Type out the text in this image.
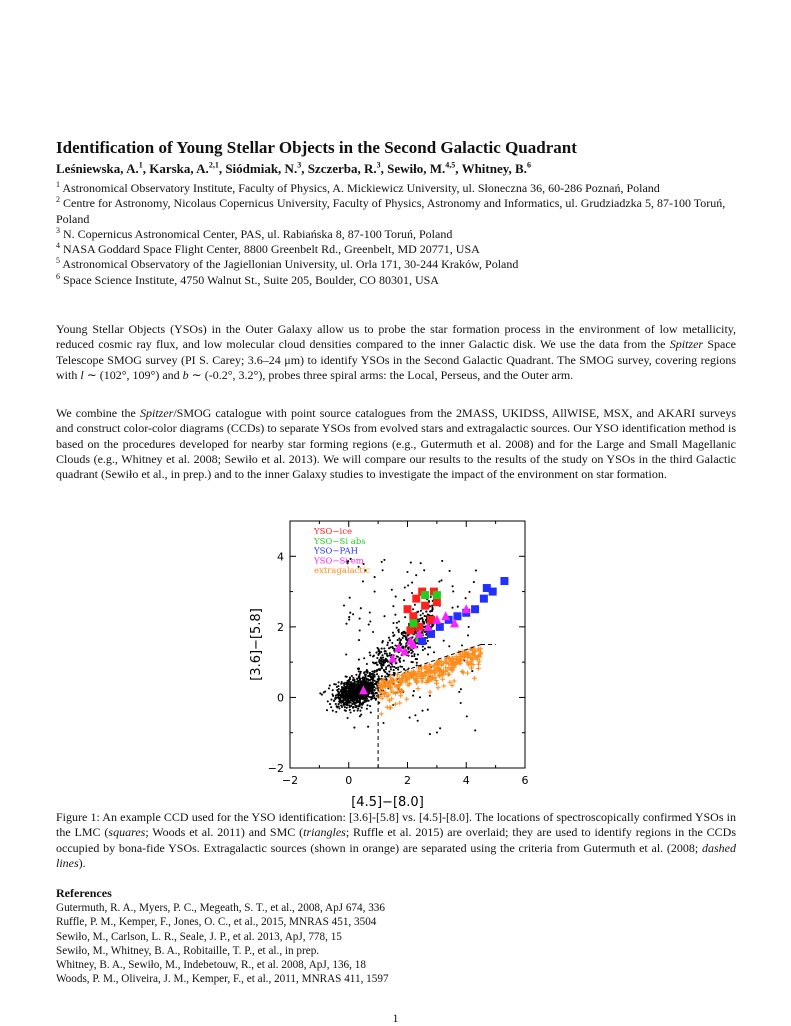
Identification of Young Stellar Objects in the Second Galactic Quadrant
Leśniewska, A.$^1$, Karska, A.$^{2,1}$, Siódmiak, N.$^3$, Szczerba, R.$^3$, Sewiło, M.$^{4,5}$, Whitney, B.$^6$
$^1$ Astronomical Observatory Institute, Faculty of Physics, A. Mickiewicz University, ul. Słoneczna 36, 60-286 Poznań, Poland
$^2$ Centre for Astronomy, Nicolaus Copernicus University, Faculty of Physics, Astronomy and Informatics, ul. Grudziadzka 5, 87-100 Toruń, Poland
$^3$ N. Copernicus Astronomical Center, PAS, ul. Rabiańska 8, 87-100 Toruń, Poland
$^4$ NASA Goddard Space Flight Center, 8800 Greenbelt Rd., Greenbelt, MD 20771, USA
$^5$ Astronomical Observatory of the Jagiellonian University, ul. Orla 171, 30-244 Kraków, Poland
$^6$ Space Science Institute, 4750 Walnut St., Suite 205, Boulder, CO 80301, USA

Young Stellar Objects (YSOs) in the Outer Galaxy allow us to probe the star formation process in the environment of low metallicity, reduced cosmic ray flux, and low molecular cloud densities compared to the inner Galactic disk. We use the data from the Spitzer Space Telescope SMOG survey (PI S. Carey; 3.6–24 μm) to identify YSOs in the Second Galactic Quadrant. The SMOG survey, covering regions with l ∼ (102°, 109°) and b ∼ (-0.2°, 3.2°), probes three spiral arms: the Local, Perseus, and the Outer arm.

We combine the Spitzer/SMOG catalogue with point source catalogues from the 2MASS, UKIDSS, AllWISE, MSX, and AKARI surveys and construct color-color diagrams (CCDs) to separate YSOs from evolved stars and extragalactic sources. Our YSO identification method is based on the procedures developed for nearby star forming regions (e.g., Gutermuth et al. 2008) and for the Large and Small Magellanic Clouds (e.g., Whitney et al. 2008; Sewiło et al. 2013). We will compare our results to the results of the study on YSOs in the third Galactic quadrant (Sewiło et al., in prep.) and to the inner Galaxy studies to investigate the impact of the environment on star formation.

−2	0	2	4	6
−2
0
2
4
[4.5]−[8.0]
[3.6]−[5.8]
YSO−ice
YSO−Si abs
YSO−PAH
YSO−Si em
extragalactic

Figure 1: An example CCD used for the YSO identification: [3.6]-[5.8] vs. [4.5]-[8.0]. The locations of spectroscopically confirmed YSOs in the LMC (squares; Woods et al. 2011) and SMC (triangles; Ruffle et al. 2015) are overlaid; they are used to identify regions in the CCDs occupied by bona-fide YSOs. Extragalactic sources (shown in orange) are separated using the criteria from Gutermuth et al. (2008; dashed lines).

References
Gutermuth, R. A., Myers, P. C., Megeath, S. T., et al., 2008, ApJ 674, 336
Ruffle, P. M., Kemper, F., Jones, O. C., et al., 2015, MNRAS 451, 3504
Sewiło, M., Carlson, L. R., Seale, J. P., et al. 2013, ApJ, 778, 15
Sewiło, M., Whitney, B. A., Robitaille, T. P., et al., in prep.
Whitney, B. A., Sewiło, M., Indebetouw, R., et al. 2008, ApJ, 136, 18
Woods, P. M., Oliveira, J. M., Kemper, F., et al., 2011, MNRAS 411, 1597
1
